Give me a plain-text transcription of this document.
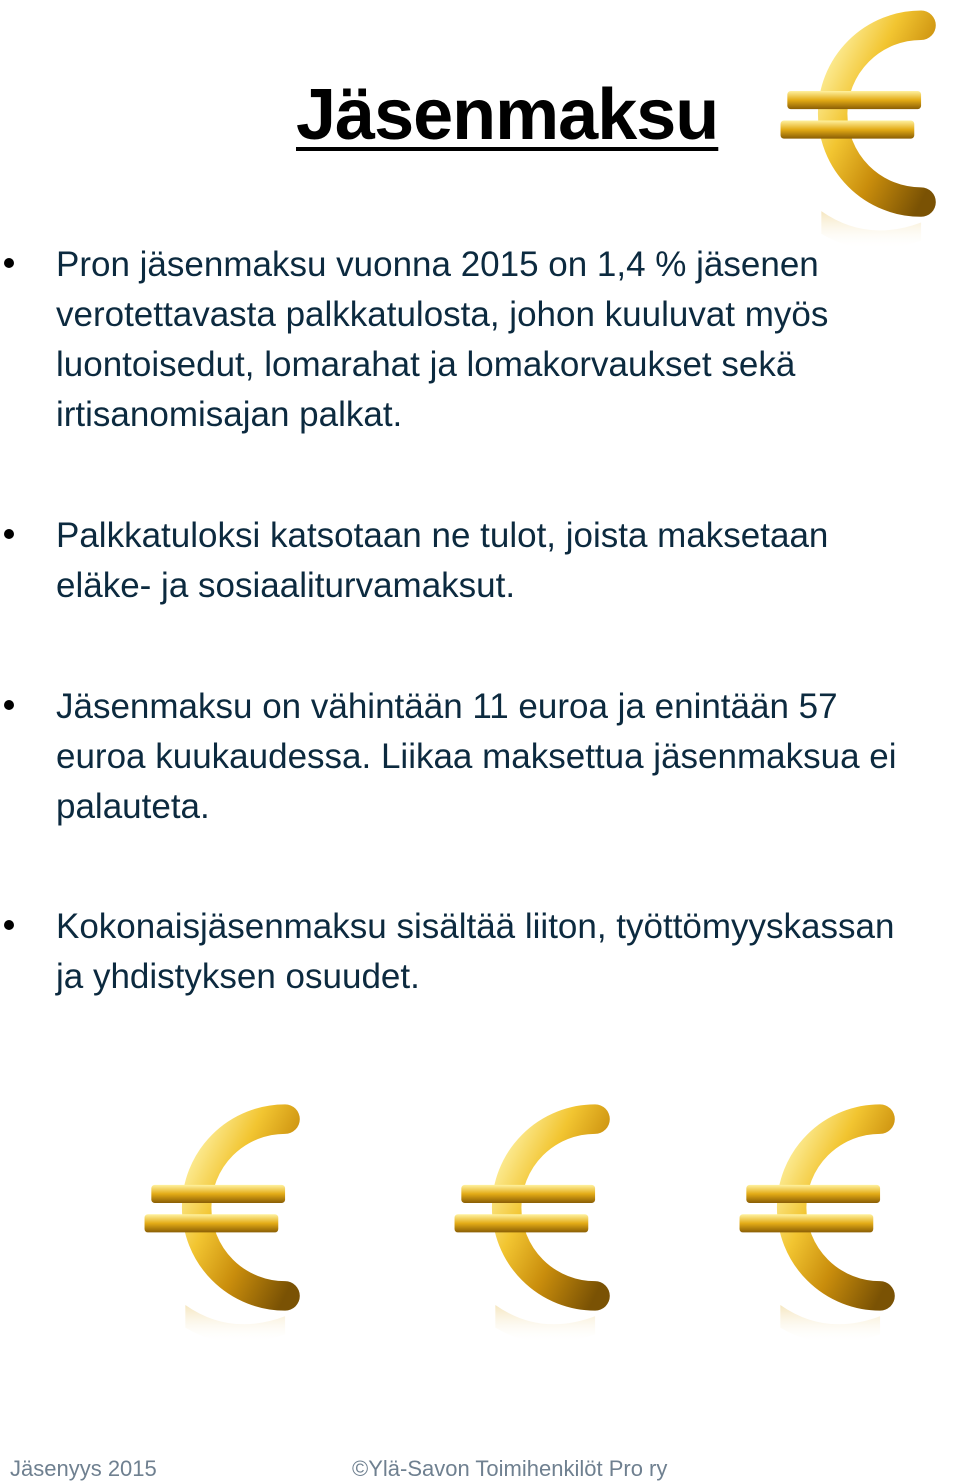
Jäsenmaksu
Pron jäsenmaksu vuonna 2015 on 1,4 % jäsenen
verotettavasta palkkatulosta, johon kuuluvat myös
luontoisedut, lomarahat ja lomakorvaukset sekä
irtisanomisajan palkat.
Palkkatuloksi katsotaan ne tulot, joista maksetaan
eläke- ja sosiaaliturvamaksut.
Jäsenmaksu on vähintään 11 euroa ja enintään 57
euroa kuukaudessa. Liikaa maksettua jäsenmaksua ei
palauteta.
Kokonaisjäsenmaksu sisältää liiton, työttömyyskassan
ja yhdistyksen osuudet.
Jäsenyys 2015	©Ylä-Savon Toimihenkilöt Pro ry
